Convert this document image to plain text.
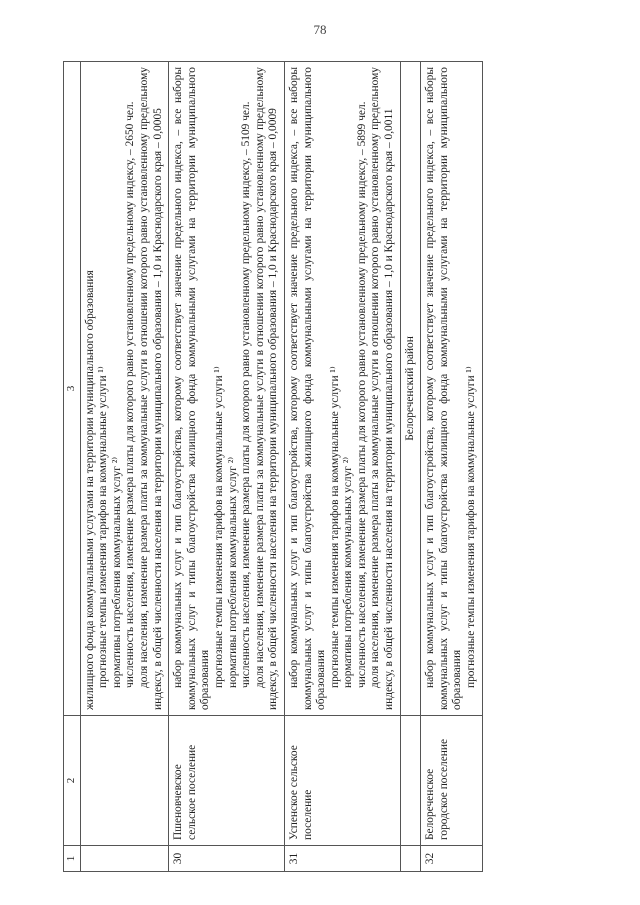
78
1	2	3

		жилищного фонда коммунальными услугами на территории муниципального образования прогнозные темпы изменения тарифов на коммунальные услуги ¹⁾ нормативы потребления коммунальных услуг ²⁾ численность населения, изменение размера платы для которого равно установленному предельному индексу, – 2650 чел. доля населения, изменение размера платы за коммунальные услуги в отношении которого равно установленному предельному индексу, в общей численности населения на территории муниципального образования – 1,0 и Краснодарского края – 0,0005

30	Пшеновчевское сельское поселение	набор коммунальных услуг и тип благоустройства, которому соответствует значение предельного индекса, – все наборы коммунальных услуг и типы благоустройства жилищного фонда коммунальными услугами на территории муниципального образования прогнозные темпы изменения тарифов на коммунальные услуги ¹⁾ нормативы потребления коммунальных услуг ²⁾ численность населения, изменение размера платы для которого равно установленному предельному индексу, – 5109 чел. доля населения, изменение размера платы за коммунальные услуги в отношении которого равно установленному предельному индексу, в общей численности населения на территории муниципального образования – 1,0 и Краснодарского края – 0,0009

31	Успенское сельское поселение	набор коммунальных услуг и тип благоустройства, которому соответствует значение предельного индекса, – все наборы коммунальных услуг и типы благоустройства жилищного фонда коммунальными услугами на территории муниципального образования прогнозные темпы изменения тарифов на коммунальные услуги ¹⁾ нормативы потребления коммунальных услуг ²⁾ численность населения, изменение размера платы для которого равно установленному предельному индексу, – 5899 чел. доля населения, изменение размера платы за коммунальные услуги в отношении которого равно установленному предельному индексу, в общей численности населения на территории муниципального образования – 1,0 и Краснодарского края – 0,0011

		Белореченский район
32	Белореченское городское поселение	набор коммунальных услуг и тип благоустройства, которому соответствует значение предельного индекса, – все наборы коммунальных услуг и типы благоустройства жилищного фонда коммунальными услугами на территории муниципального образования прогнозные темпы изменения тарифов на коммунальные услуги ¹⁾
